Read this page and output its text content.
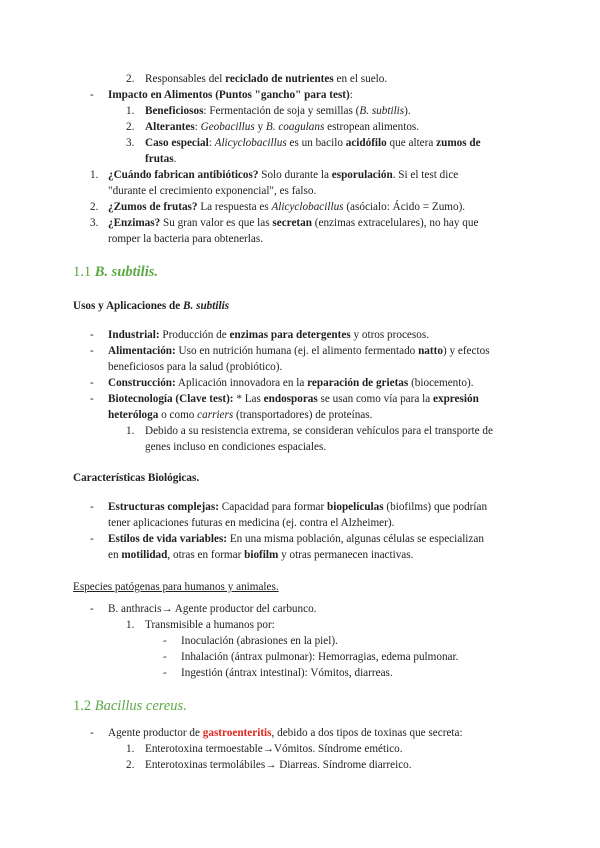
2. Responsables del reciclado de nutrientes en el suelo.
- Impacto en Alimentos (Puntos "gancho" para test):
1. Beneficiosos: Fermentación de soja y semillas (B. subtilis).
2. Alterantes: Geobacillus y B. coagulans estropean alimentos.
3. Caso especial: Alicyclobacillus es un bacilo acidófilo que altera zumos de
frutas.
1. ¿Cuándo fabrican antibióticos? Solo durante la esporulación. Si el test dice
"durante el crecimiento exponencial", es falso.
2. ¿Zumos de frutas? La respuesta es Alicyclobacillus (asócialo: Ácido = Zumo).
3. ¿Enzimas? Su gran valor es que las secretan (enzimas extracelulares), no hay que
romper la bacteria para obtenerlas.
1.1 B. subtilis.
Usos y Aplicaciones de B. subtilis
- Industrial: Producción de enzimas para detergentes y otros procesos.
- Alimentación: Uso en nutrición humana (ej. el alimento fermentado natto) y efectos
beneficiosos para la salud (probiótico).
- Construcción: Aplicación innovadora en la reparación de grietas (biocemento).
- Biotecnología (Clave test): * Las endosporas se usan como vía para la expresión
heteróloga o como carriers (transportadores) de proteínas.
1. Debido a su resistencia extrema, se consideran vehículos para el transporte de
genes incluso en condiciones espaciales.
Características Biológicas.
- Estructuras complejas: Capacidad para formar biopelículas (biofilms) que podrían
tener aplicaciones futuras en medicina (ej. contra el Alzheimer).
- Estilos de vida variables: En una misma población, algunas células se especializan
en motilidad, otras en formar biofilm y otras permanecen inactivas.
Especies patógenas para humanos y animales.
- B. anthracis→ Agente productor del carbunco.
1. Transmisible a humanos por:
- Inoculación (abrasiones en la piel).
- Inhalación (ántrax pulmonar): Hemorragias, edema pulmonar.
- Ingestión (ántrax intestinal): Vómitos, diarreas.
1.2 Bacillus cereus.
- Agente productor de gastroenteritis, debido a dos tipos de toxinas que secreta:
1. Enterotoxina termoestable→Vómitos. Síndrome emético.
2. Enterotoxinas termolábiles→ Diarreas. Síndrome diarreico.
